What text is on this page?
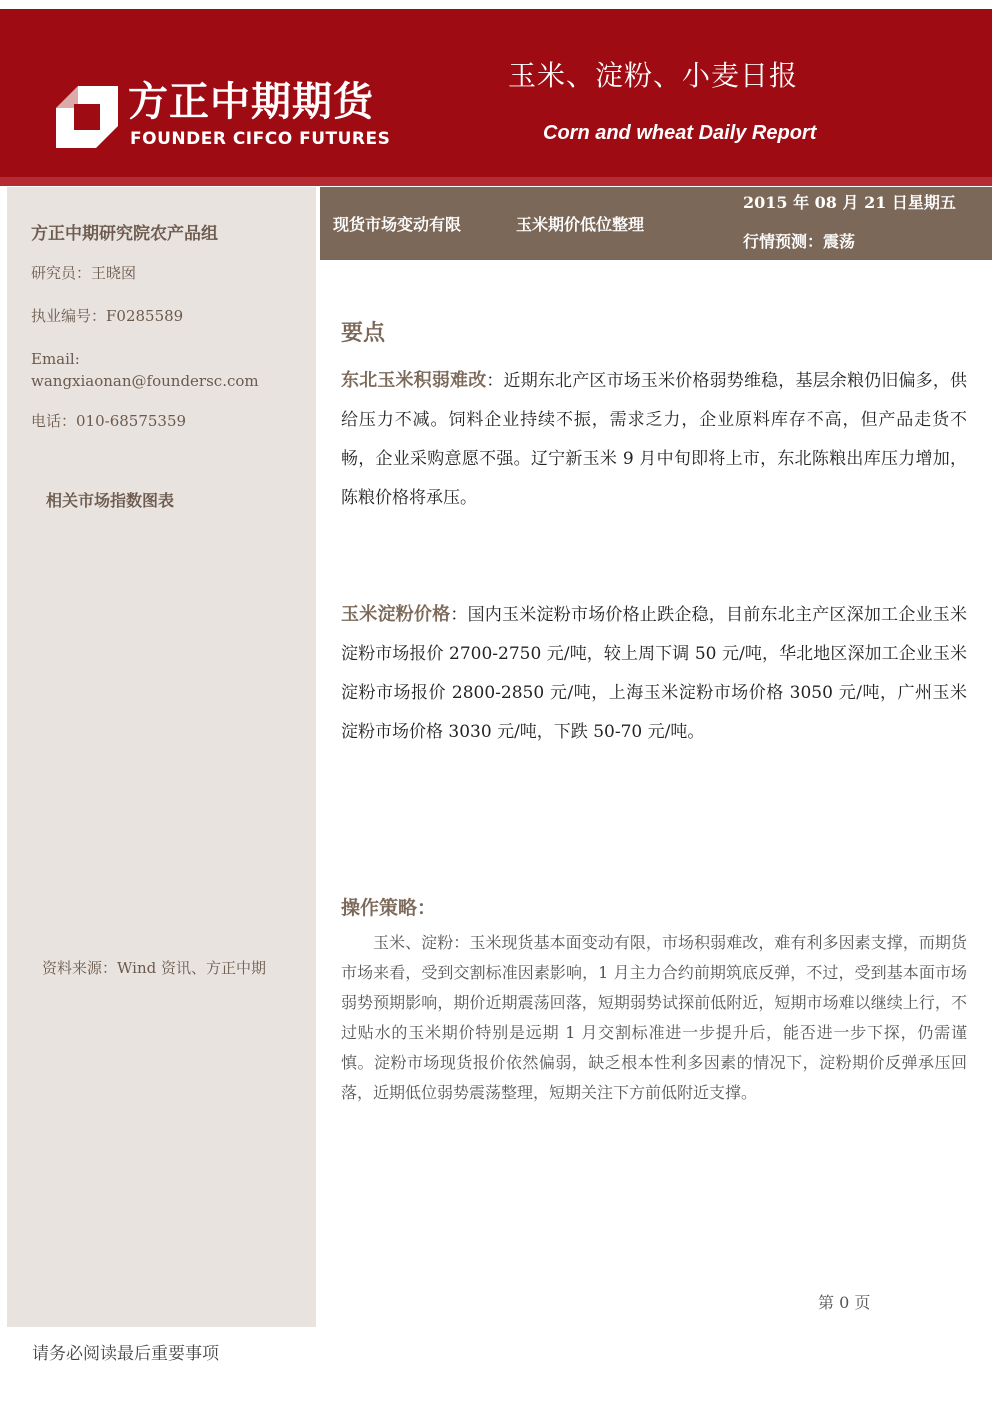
方正中期期货
FOUNDER CIFCO FUTURES
玉米、淀粉、小麦日报
Corn and wheat Daily Report
方正中期研究院农产品组
研究员：王晓囡
执业编号：F0285589
Email:
wangxiaonan@foundersc.com
电话：010-68575359
相关市场指数图表
资料来源：Wind 资讯、方正中期
现货市场变动有限	玉米期价低位整理
2015 年 08 月 21 日星期五
行情预测：震荡
要点
东北玉米积弱难改：近期东北产区市场玉米价格弱势维稳，基层余粮仍旧偏多，供给压力不减。饲料企业持续不振，需求乏力，企业原料库存不高，但产品走货不畅，企业采购意愿不强。辽宁新玉米 9 月中旬即将上市，东北陈粮出库压力增加，陈粮价格将承压。
玉米淀粉价格：国内玉米淀粉市场价格止跌企稳，目前东北主产区深加工企业玉米淀粉市场报价 2700-2750 元/吨，较上周下调 50 元/吨，华北地区深加工企业玉米淀粉市场报价 2800-2850 元/吨，上海玉米淀粉市场价格 3050 元/吨，广州玉米淀粉市场价格 3030 元/吨，下跌 50-70 元/吨。
操作策略：
玉米、淀粉：玉米现货基本面变动有限，市场积弱难改，难有利多因素支撑，而期货市场来看，受到交割标准因素影响，1 月主力合约前期筑底反弹，不过，受到基本面市场弱势预期影响，期价近期震荡回落，短期弱势试探前低附近，短期市场难以继续上行，不过贴水的玉米期价特别是远期 1 月交割标准进一步提升后，能否进一步下探，仍需谨慎。淀粉市场现货报价依然偏弱，缺乏根本性利多因素的情况下，淀粉期价反弹承压回落，近期低位弱势震荡整理，短期关注下方前低附近支撑。
第 0 页
请务必阅读最后重要事项
